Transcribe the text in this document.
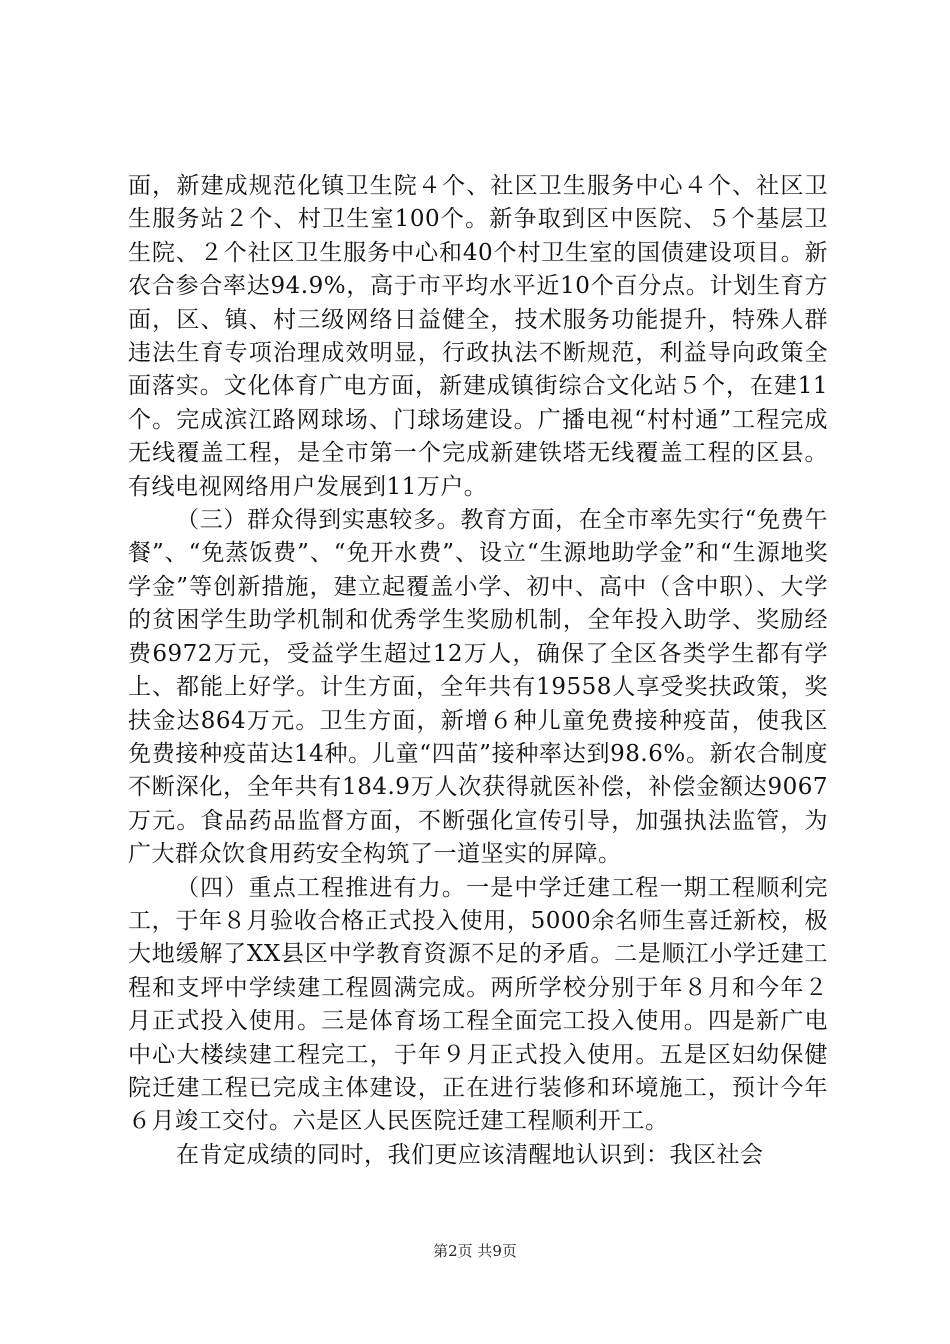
面，新建成规范化镇卫生院４个、社区卫生服务中心４个、社区卫生服务站２个、村卫生室100个。新争取到区中医院、５个基层卫生院、２个社区卫生服务中心和40个村卫生室的国债建设项目。新农合参合率达94.9%，高于市平均水平近10个百分点。计划生育方面，区、镇、村三级网络日益健全，技术服务功能提升，特殊人群违法生育专项治理成效明显，行政执法不断规范，利益导向政策全面落实。文化体育广电方面，新建成镇街综合文化站５个，在建11个。完成滨江路网球场、门球场建设。广播电视“村村通”工程完成无线覆盖工程，是全市第一个完成新建铁塔无线覆盖工程的区县。有线电视网络用户发展到11万户。

（三）群众得到实惠较多。教育方面，在全市率先实行“免费午餐”、“免蒸饭费”、“免开水费”、设立“生源地助学金”和“生源地奖学金”等创新措施，建立起覆盖小学、初中、高中（含中职）、大学的贫困学生助学机制和优秀学生奖励机制，全年投入助学、奖励经费6972万元，受益学生超过12万人，确保了全区各类学生都有学上、都能上好学。计生方面，全年共有19558人享受奖扶政策，奖扶金达864万元。卫生方面，新增６种儿童免费接种疫苗，使我区免费接种疫苗达14种。儿童“四苗”接种率达到98.6%。新农合制度不断深化，全年共有184.9万人次获得就医补偿，补偿金额达9067万元。食品药品监督方面，不断强化宣传引导，加强执法监管，为广大群众饮食用药安全构筑了一道坚实的屏障。

（四）重点工程推进有力。一是中学迁建工程一期工程顺利完工，于年８月验收合格正式投入使用，5000余名师生喜迁新校，极大地缓解了XX县区中学教育资源不足的矛盾。二是顺江小学迁建工程和支坪中学续建工程圆满完成。两所学校分别于年８月和今年２月正式投入使用。三是体育场工程全面完工投入使用。四是新广电中心大楼续建工程完工，于年９月正式投入使用。五是区妇幼保健院迁建工程已完成主体建设，正在进行装修和环境施工，预计今年６月竣工交付。六是区人民医院迁建工程顺利开工。

在肯定成绩的同时，我们更应该清醒地认识到：我区社会

第2页 共9页
